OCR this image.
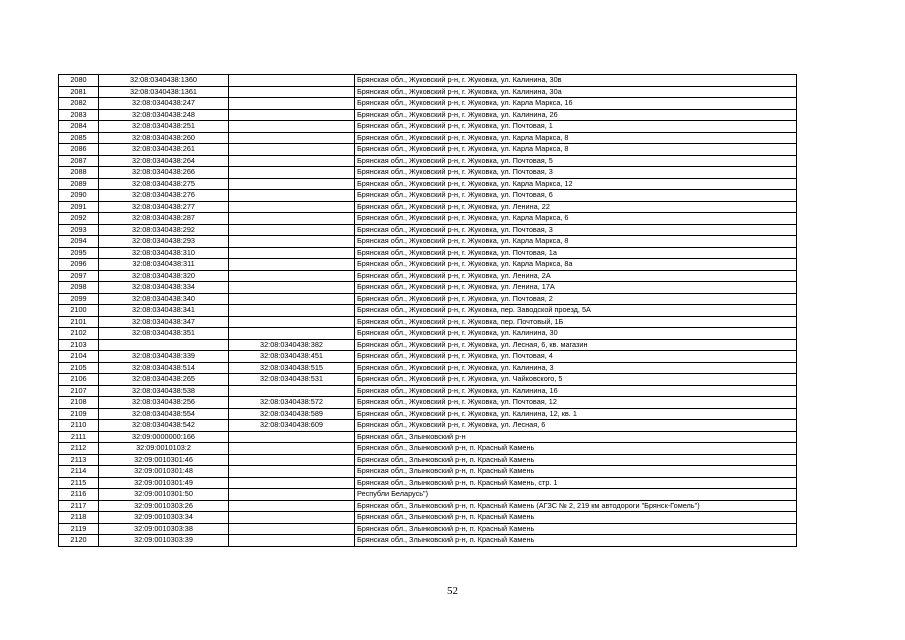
2080	32:08:0340438:1360		Брянская обл., Жуковский р-н, г. Жуковка, ул. Калинина, 30в
2081	32:08:0340438:1361		Брянская обл., Жуковский р-н, г. Жуковка, ул. Калинина, 30а
2082	32:08:0340438:247		Брянская обл., Жуковский р-н, г. Жуковка, ул. Карла Маркса, 16
2083	32:08:0340438:248		Брянская обл., Жуковский р-н, г. Жуковка, ул. Калинина, 26
2084	32:08:0340438:251		Брянская обл., Жуковский р-н, г. Жуковка, ул. Почтовая, 1
2085	32:08:0340438:260		Брянская обл., Жуковский р-н, г. Жуковка, ул. Карла Маркса, 8
2086	32:08:0340438:261		Брянская обл., Жуковский р-н, г. Жуковка, ул. Карла Маркса, 8
2087	32:08:0340438:264		Брянская обл., Жуковский р-н, г. Жуковка, ул. Почтовая, 5
2088	32:08:0340438:266		Брянская обл., Жуковский р-н, г. Жуковка, ул. Почтовая, 3
2089	32:08:0340438:275		Брянская обл., Жуковский р-н, г. Жуковка, ул. Карла Маркса, 12
2090	32:08:0340438:276		Брянская обл., Жуковский р-н, г. Жуковка, ул. Почтовая, 6
2091	32:08:0340438:277		Брянская обл., Жуковский р-н, г. Жуковка, ул. Ленина, 22
2092	32:08:0340438:287		Брянская обл., Жуковский р-н, г. Жуковка, ул. Карла Маркса, 6
2093	32:08:0340438:292		Брянская обл., Жуковский р-н, г. Жуковка, ул. Почтовая, 3
2094	32:08:0340438:293		Брянская обл., Жуковский р-н, г. Жуковка, ул. Карла Маркса, 8
2095	32:08:0340438:310		Брянская обл., Жуковский р-н, г. Жуковка, ул. Почтовая, 1а
2096	32:08:0340438:311		Брянская обл., Жуковский р-н, г. Жуковка, ул. Карла Маркса, 8а
2097	32:08:0340438:320		Брянская обл., Жуковский р-н, г. Жуковка, ул. Ленина, 2А
2098	32:08:0340438:334		Брянская обл., Жуковский р-н, г. Жуковка, ул. Ленина, 17А
2099	32:08:0340438:340		Брянская обл., Жуковский р-н, г. Жуковка, ул. Почтовая, 2
2100	32:08:0340438:341		Брянская обл., Жуковский р-н, г. Жуковка, пер. Заводской проезд, 5А
2101	32:08:0340438:347		Брянская обл., Жуковский р-н, г. Жуковка, пер. Почтовый, 1Б
2102	32:08:0340438:351		Брянская обл., Жуковский р-н, г. Жуковка, ул. Калинина, 30
2103		32:08:0340438:382	Брянская обл., Жуковский р-н, г. Жуковка, ул. Лесная, 6, кв. магазин
2104	32:08:0340438:339	32:08:0340438:451	Брянская обл., Жуковский р-н, г. Жуковка, ул. Почтовая, 4
2105	32:08:0340438:514	32:08:0340438:515	Брянская обл., Жуковский р-н, г. Жуковка, ул. Калинина, 3
2106	32:08:0340438:265	32:08:0340438:531	Брянская обл., Жуковский р-н, г. Жуковка, ул. Чайковского, 5
2107	32:08:0340438:538		Брянская обл., Жуковский р-н, г. Жуковка, ул. Калинина, 16
2108	32:08:0340438:256	32:08:0340438:572	Брянская обл., Жуковский р-н, г. Жуковка, ул. Почтовая, 12
2109	32:08:0340438:554	32:08:0340438:589	Брянская обл., Жуковский р-н, г. Жуковка, ул. Калинина, 12, кв. 1
2110	32:08:0340438:542	32:08:0340438:609	Брянская обл., Жуковский р-н, г. Жуковка, ул. Лесная, 6
2111	32:09:0000000:166		Брянская обл., Злынковский р-н
2112	32:09:0010103:2		Брянская обл., Злынковский р-н, п. Красный Камень
2113	32:09:0010301:46		Брянская обл., Злынковский р-н, п. Красный Камень
2114	32:09:0010301:48		Брянская обл., Злынковский р-н, п. Красный Камень
2115	32:09:0010301:49		Брянская обл., Злынковский р-н, п. Красный Камень, стр. 1
2116	32:09:0010301:50		Республи Беларусь")
2117	32:09:0010303:26		Брянская обл., Злынковский р-н, п. Красный Камень (АГЗС № 2, 219 км автодороги "Брянск-Гомель")
2118	32:09:0010303:34		Брянская обл., Злынковский р-н, п. Красный Камень
2119	32:09:0010303:38		Брянская обл., Злынковский р-н, п. Красный Камень
2120	32:09:0010303:39		Брянская обл., Злынковский р-н, п. Красный Камень
52
